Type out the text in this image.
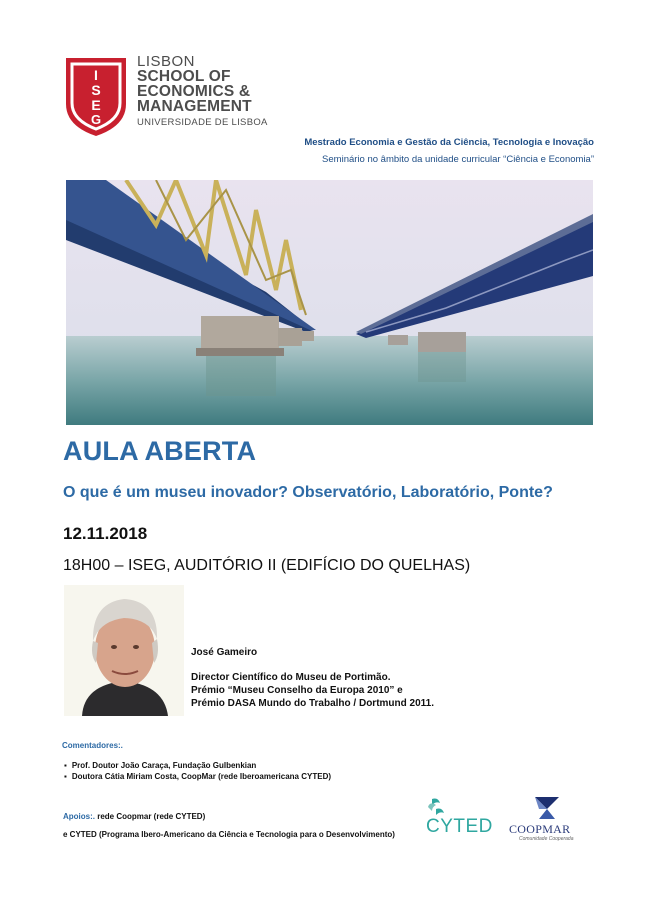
I
S
E
G
LISBON
SCHOOL OF
ECONOMICS &
MANAGEMENT
UNIVERSIDADE DE LISBOA
Mestrado Economia e Gestão da Ciência, Tecnologia e Inovação
Seminário no âmbito da unidade curricular “Ciência e Economia”
AULA ABERTA
O que é um museu inovador? Observatório, Laboratório, Ponte?
12.11.2018
18H00 – ISEG, AUDITÓRIO II (EDIFÍCIO DO QUELHAS)
José Gameiro
Director Científico do Museu de Portimão.
Prémio “Museu Conselho da Europa 2010” e
Prémio DASA Mundo do Trabalho / Dortmund 2011.
Comentadores:.
▪ Prof. Doutor João Caraça, Fundação Gulbenkian
▪ Doutora Cátia Miriam Costa, CoopMar (rede Iberoamericana CYTED)
Apoios:. rede Coopmar (rede CYTED)
e CYTED (Programa Ibero-Americano da Ciência e Tecnologia para o Desenvolvimento) CYTED COOPMAR
Comunidade Cooperada
